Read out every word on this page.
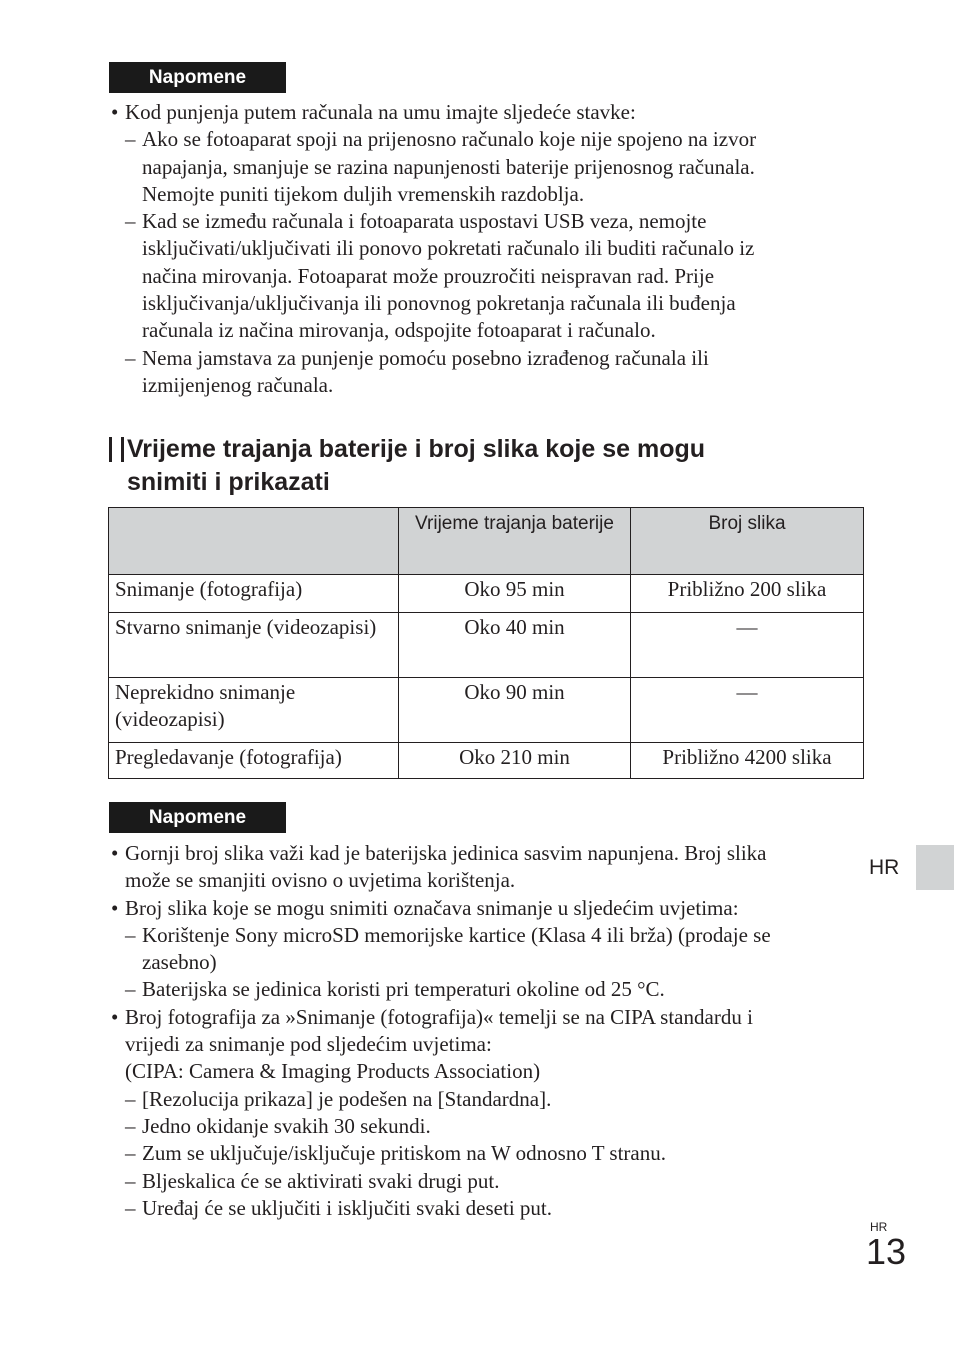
Napomene
• Kod punjenja putem računala na umu imajte sljedeće stavke:
– Ako se fotoaparat spoji na prijenosno računalo koje nije spojeno na izvor
napajanja, smanjuje se razina napunjenosti baterije prijenosnog računala.
Nemojte puniti tijekom duljih vremenskih razdoblja.
– Kad se između računala i fotoaparata uspostavi USB veza, nemojte
isključivati/uključivati ili ponovo pokretati računalo ili buditi računalo iz
načina mirovanja. Fotoaparat može prouzročiti neispravan rad. Prije
isključivanja/uključivanja ili ponovnog pokretanja računala ili buđenja
računala iz načina mirovanja, odspojite fotoaparat i računalo.
– Nema jamstava za punjenje pomoću posebno izrađenog računala ili
izmijenjenog računala.
Vrijeme trajanja baterije i broj slika koje se mogu
snimiti i prikazati
	Vrijeme trajanja baterije	Broj slika
Snimanje (fotografija)	Oko 95 min	Približno 200 slika
Stvarno snimanje (videozapisi)	Oko 40 min	—
Neprekidno snimanje (videozapisi)	Oko 90 min	—
Pregledavanje (fotografija)	Oko 210 min	Približno 4200 slika
Napomene
• Gornji broj slika važi kad je baterijska jedinica sasvim napunjena. Broj slika
može se smanjiti ovisno o uvjetima korištenja.
• Broj slika koje se mogu snimiti označava snimanje u sljedećim uvjetima:
– Korištenje Sony microSD memorijske kartice (Klasa 4 ili brža) (prodaje se
zasebno)
– Baterijska se jedinica koristi pri temperaturi okoline od 25 °C.
• Broj fotografija za »Snimanje (fotografija)« temelji se na CIPA standardu i
vrijedi za snimanje pod sljedećim uvjetima:
(CIPA: Camera & Imaging Products Association)
– [Rezolucija prikaza] je podešen na [Standardna].
– Jedno okidanje svakih 30 sekundi.
– Zum se uključuje/isključuje pritiskom na W odnosno T stranu.
– Bljeskalica će se aktivirati svaki drugi put.
– Uređaj će se uključiti i isključiti svaki deseti put.
HR
HR
13
